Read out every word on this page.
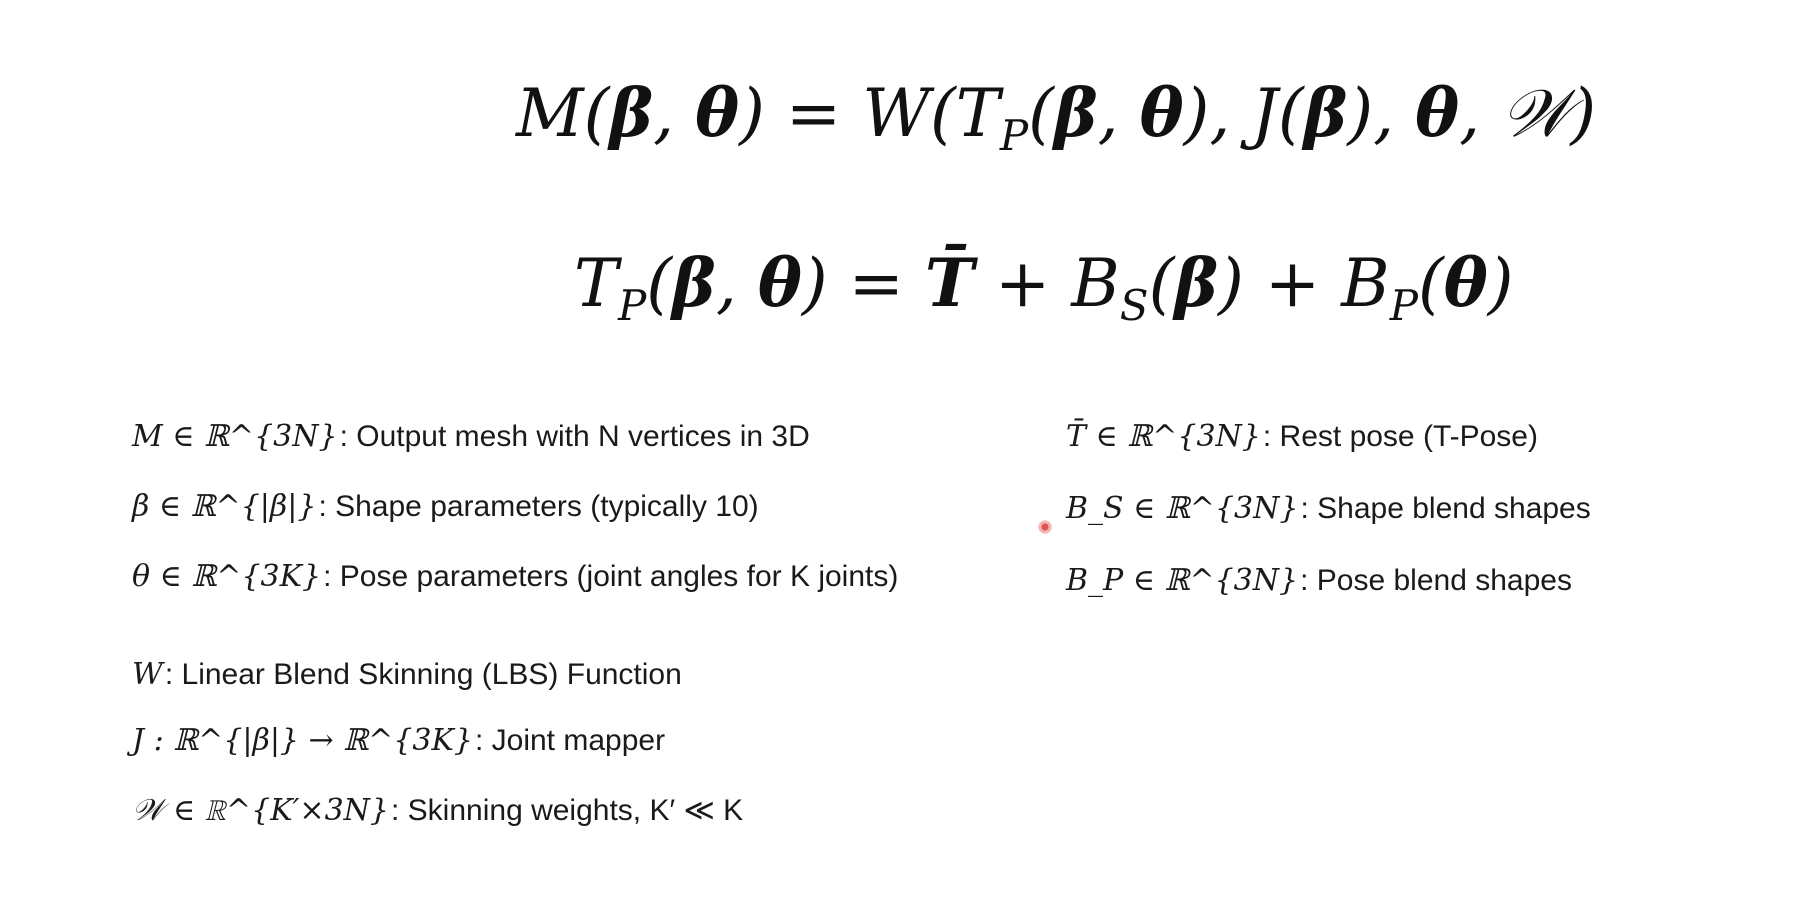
M(β, $\theta) = W(T_P(\beta$, θ), J(β), θ, 𝒲)
$T_P(\beta$, θ) = T̄ + $B_S(\beta) + B_P(\theta)$
M ∈ ℝ^{3N}: Output mesh with N vertices in 3D
β ∈ ℝ^{|β|}: Shape parameters (typically 10)
θ ∈ ℝ^{3K}: Pose parameters (joint angles for K joints)
W: Linear Blend Skinning (LBS) Function
J : ℝ^{|β|} → ℝ^{3K}: Joint mapper
𝒲 ∈ ℝ^{K′×3N}: Skinning weights, K′ ≪ K
T̄ ∈ ℝ^{3N}: Rest pose (T-Pose)
B_S ∈ ℝ^{3N}: Shape blend shapes
B_P ∈ ℝ^{3N}: Pose blend shapes
